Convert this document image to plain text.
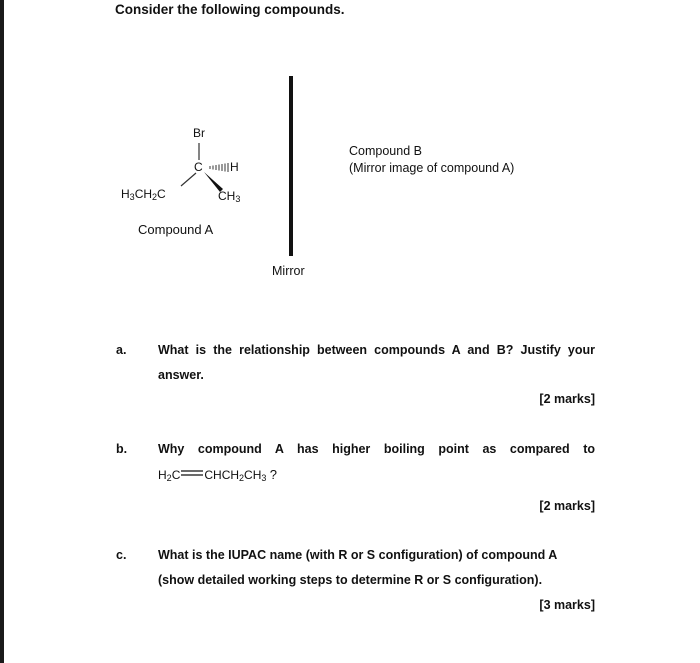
Consider the following compounds.
Br
C H
$H_3CH_2C$	$CH_3$
Compound A
Mirror
Compound B
(Mirror image of compound A)
a.	What is the relationship between compounds A and B? Justify your
answer.
[2 marks]
b. Why compound A has higher boiling point as compared to
$H_2C$ $CHCH_2CH_3$ ?
[2 marks]
c.	What is the IUPAC name (with R or S configuration) of compound A
(show detailed working steps to determine R or S configuration).
[3 marks]
